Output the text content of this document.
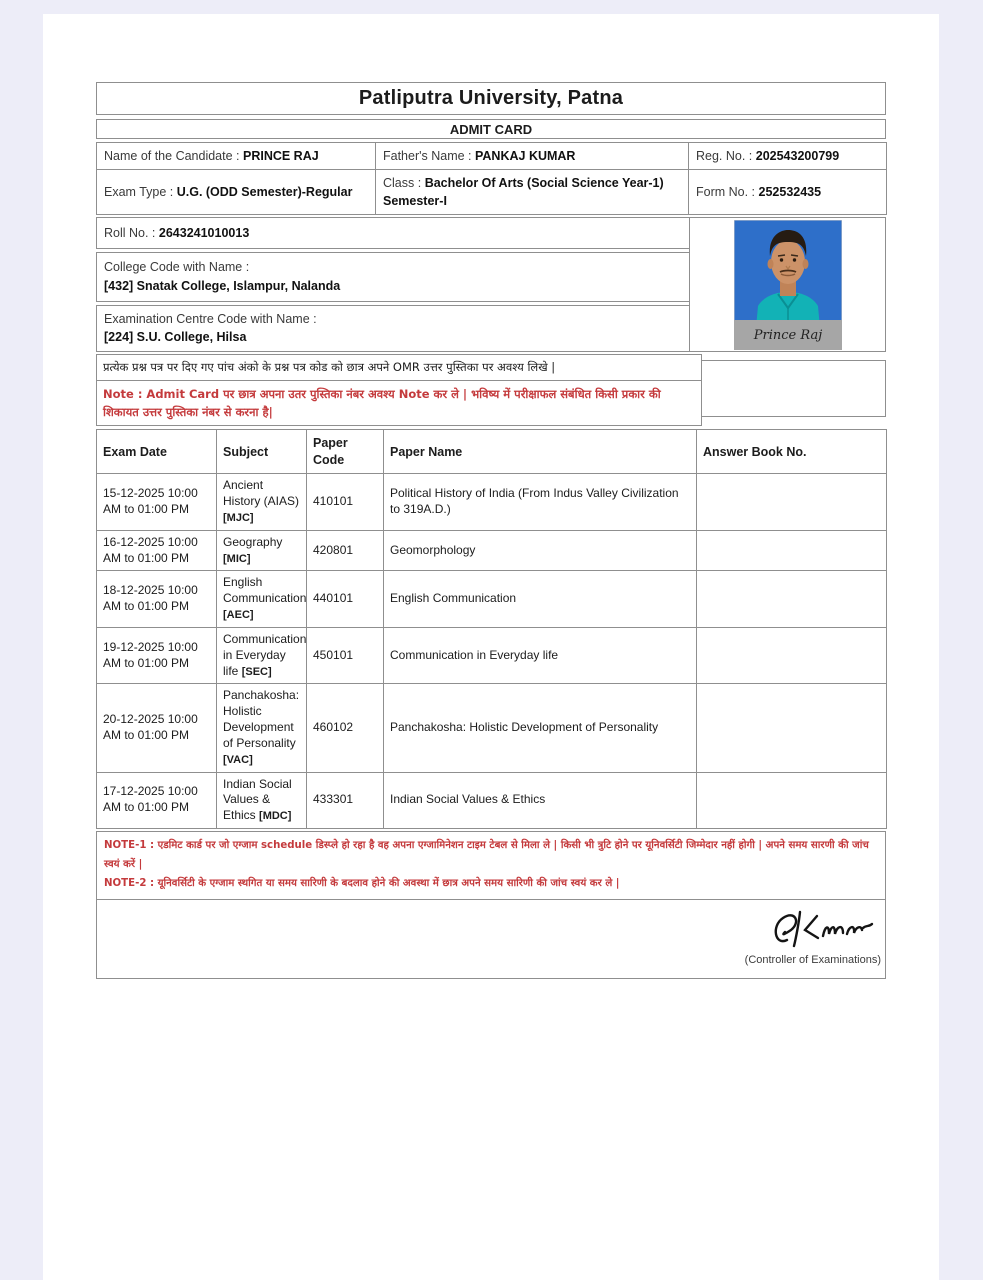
Patliputra University, Patna
ADMIT CARD
Name of the Candidate : PRINCE RAJ	Father's Name : PANKAJ KUMAR	Reg. No. : 202543200799
Exam Type : U.G. (ODD Semester)-Regular	Class : Bachelor Of Arts (Social Science Year-1) Semester-I	Form No. : 252532435
Roll No. : 2643241010013
College Code with Name :
[432] Snatak College, Islampur, Nalanda
Examination Centre Code with Name :
[224] S.U. College, Hilsa	Prince Raj
प्रत्येक प्रश्न पत्र पर दिए गए पांच अंको के प्रश्न पत्र कोड को छात्र अपने OMR उत्तर पुस्तिका पर अवश्य लिखे |
Note : Admit Card पर छात्र अपना उतर पुस्तिका नंबर अवश्य Note कर ले | भविष्य में परीक्षाफल संबंधित किसी प्रकार की शिकायत उत्तर पुस्तिका नंबर से करना है|
Exam Date	Subject	Paper Code	Paper Name	Answer Book No.
15-12-2025 10:00 AM to 01:00 PM	Ancient History (AIAS) [MJC]	410101	Political History of India (From Indus Valley Civilization to 319A.D.)	
16-12-2025 10:00 AM to 01:00 PM	Geography [MIC]	420801	Geomorphology	
18-12-2025 10:00 AM to 01:00 PM	English Communication [AEC]	440101	English Communication	
19-12-2025 10:00 AM to 01:00 PM	Communication in Everyday life [SEC]	450101	Communication in Everyday life	
20-12-2025 10:00 AM to 01:00 PM	Panchakosha: Holistic Development of Personality [VAC]	460102	Panchakosha: Holistic Development of Personality	
17-12-2025 10:00 AM to 01:00 PM	Indian Social Values & Ethics [MDC]	433301	Indian Social Values & Ethics	
NOTE-1 : एडमिट कार्ड पर जो एग्जाम schedule डिस्प्ले हो रहा है वह अपना एग्जामिनेशन टाइम टेबल से मिला ले | किसी भी त्रुटि होने पर यूनिवर्सिटी जिम्मेदार नहीं होगी | अपने समय सारणी की जांच स्वयं करें |
NOTE-2 : यूनिवर्सिटी के एग्जाम स्थगित या समय सारिणी के बदलाव होने की अवस्था में छात्र अपने समय सारिणी की जांच स्वयं कर ले |
(Controller of Examinations)
